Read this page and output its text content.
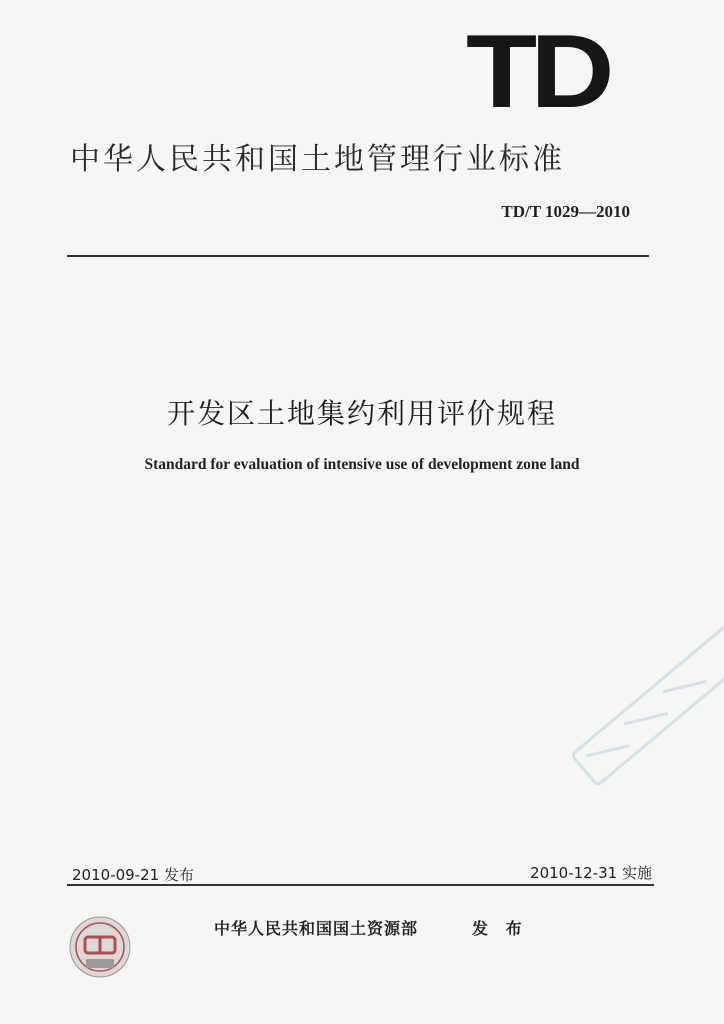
TD
中华人民共和国土地管理行业标准
TD/T 1029—2010
开发区土地集约利用评价规程
Standard for evaluation of intensive use of development zone land
2010-09-21 发布	2010-12-31 实施
中华人民共和国国土资源部	发 布
